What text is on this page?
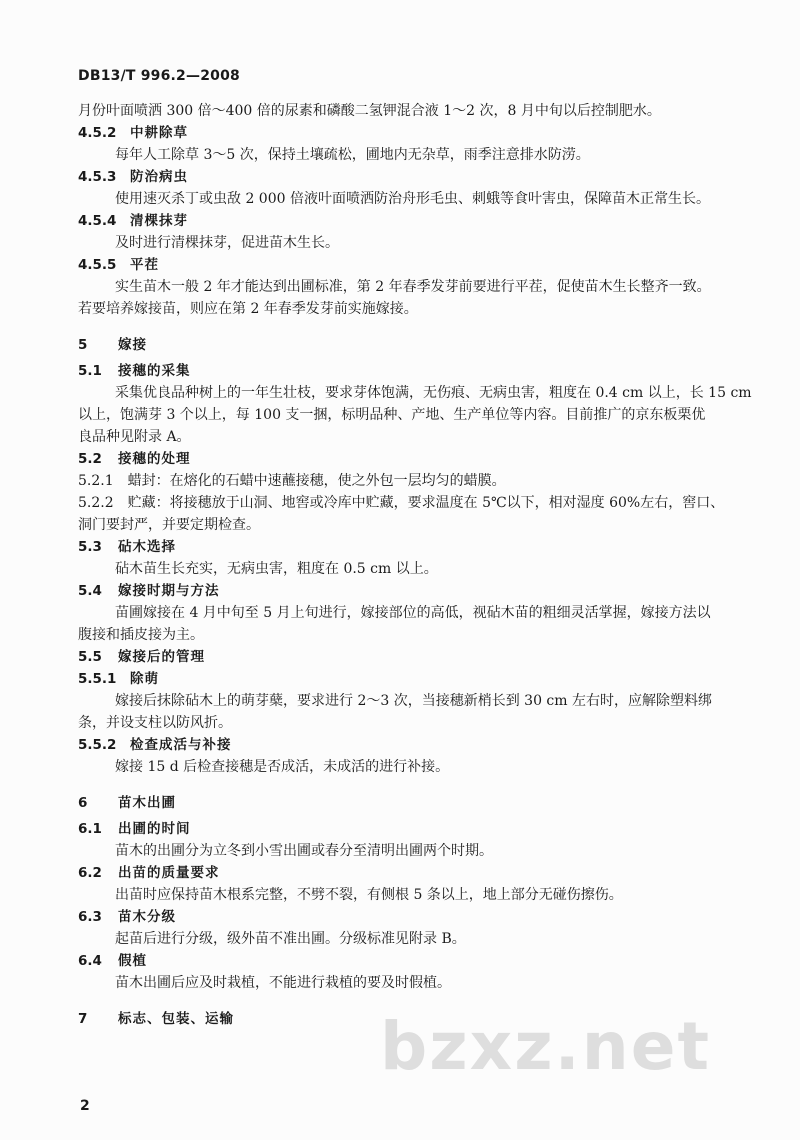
DB13/T 996.2—2008
月份叶面喷洒 300 倍～400 倍的尿素和磷酸二氢钾混合液 1～2 次，8 月中旬以后控制肥水。
4.5.2 中耕除草
每年人工除草 3～5 次，保持土壤疏松，圃地内无杂草，雨季注意排水防涝。
4.5.3 防治病虫
使用速灭杀丁或虫敌 2 000 倍液叶面喷洒防治舟形毛虫、刺蛾等食叶害虫，保障苗木正常生长。
4.5.4 清棵抹芽
及时进行清棵抹芽，促进苗木生长。
4.5.5 平茬
实生苗木一般 2 年才能达到出圃标准，第 2 年春季发芽前要进行平茬，促使苗木生长整齐一致。
若要培养嫁接苗，则应在第 2 年春季发芽前实施嫁接。
5 嫁接
5.1 接穗的采集
采集优良品种树上的一年生壮枝，要求芽体饱满，无伤痕、无病虫害，粗度在 0.4 cm 以上，长 15 cm
以上，饱满芽 3 个以上，每 100 支一捆，标明品种、产地、生产单位等内容。目前推广的京东板栗优
良品种见附录 A。
5.2 接穗的处理
5.2.1　蜡封：在熔化的石蜡中速蘸接穗，使之外包一层均匀的蜡膜。
5.2.2　贮藏：将接穗放于山洞、地窖或冷库中贮藏，要求温度在 5℃以下，相对湿度 60%左右，窖口、
洞门要封严，并要定期检查。
5.3 砧木选择
砧木苗生长充实，无病虫害，粗度在 0.5 cm 以上。
5.4 嫁接时期与方法
苗圃嫁接在 4 月中旬至 5 月上旬进行，嫁接部位的高低，视砧木苗的粗细灵活掌握，嫁接方法以
腹接和插皮接为主。
5.5 嫁接后的管理
5.5.1 除萌
嫁接后抹除砧木上的萌芽蘖，要求进行 2～3 次，当接穗新梢长到 30 cm 左右时，应解除塑料绑
条，并设支柱以防风折。
5.5.2 检查成活与补接
嫁接 15 d 后检查接穗是否成活，未成活的进行补接。
6 苗木出圃
6.1 出圃的时间
苗木的出圃分为立冬到小雪出圃或春分至清明出圃两个时期。
6.2 出苗的质量要求
出苗时应保持苗木根系完整，不劈不裂，有侧根 5 条以上，地上部分无碰伤擦伤。
6.3 苗木分级
起苗后进行分级，级外苗不准出圃。分级标准见附录 B。
6.4 假植
苗木出圃后应及时栽植，不能进行栽植的要及时假植。
7 标志、包装、运输	bzxz.net
2
